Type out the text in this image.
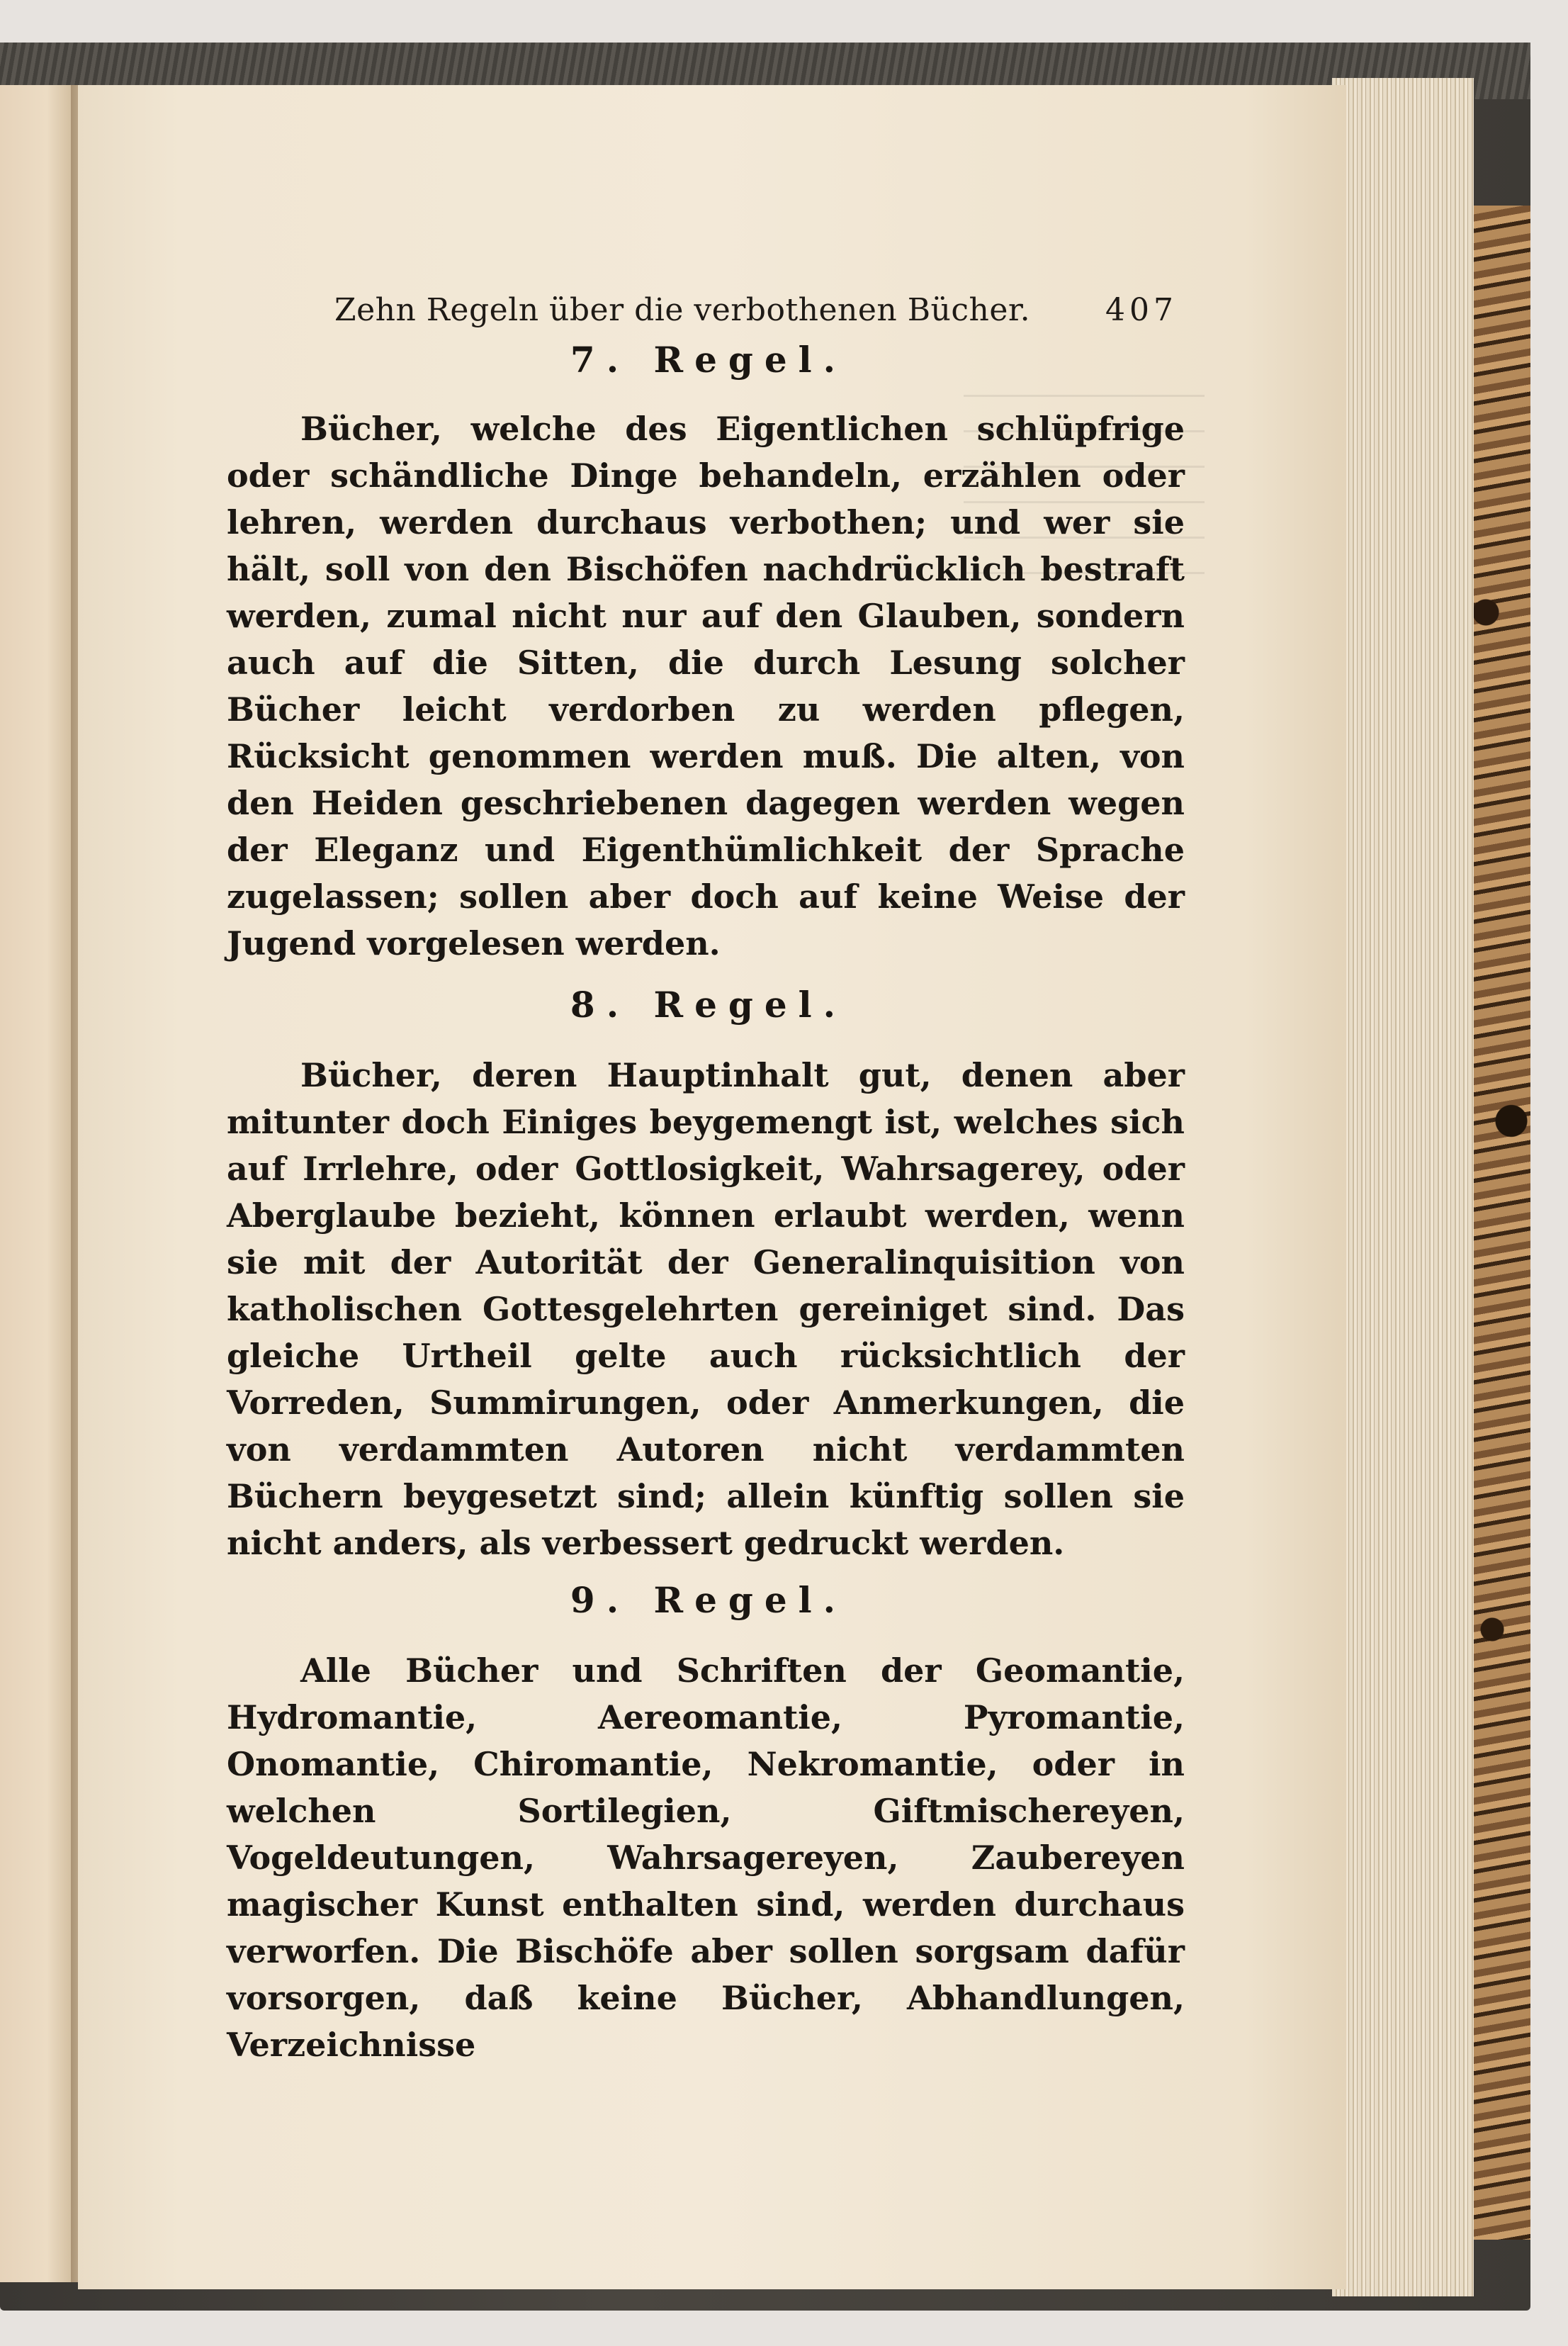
Zehn Regeln über die verbothenen Bücher. 407
7. Regel.

Bücher, welche des Eigentlichen schlüpfrige oder schändliche Dinge behandeln, erzählen oder lehren, werden durchaus verbothen; und wer sie hält, soll von den Bischöfen nachdrücklich bestraft werden, zumal nicht nur auf den Glauben, sondern auch auf die Sitten, die durch Lesung solcher Bücher leicht verdorben zu werden pflegen, Rücksicht genommen werden muß. Die alten, von den Heiden geschriebenen dagegen werden wegen der Eleganz und Eigenthümlichkeit der Sprache zugelassen; sollen aber doch auf keine Weise der Jugend vorgelesen werden.

8. Regel.

Bücher, deren Hauptinhalt gut, denen aber mitunter doch Einiges beygemengt ist, welches sich auf Irrlehre, oder Gottlosigkeit, Wahrsagerey, oder Aberglaube bezieht, können erlaubt werden, wenn sie mit der Autorität der Generalinquisition von katholischen Gottesgelehrten gereiniget sind. Das gleiche Urtheil gelte auch rücksichtlich der Vorreden, Summirungen, oder Anmerkungen, die von verdammten Autoren nicht verdammten Büchern beygesetzt sind; allein künftig sollen sie nicht anders, als verbessert gedruckt werden.

9. Regel.

Alle Bücher und Schriften der Geomantie, Hydromantie, Aereomantie, Pyromantie, Onomantie, Chiromantie, Nekromantie, oder in welchen Sortilegien, Giftmischereyen, Vogeldeutungen, Wahrsagereyen, Zaubereyen magischer Kunst enthalten sind, werden durchaus verworfen. Die Bischöfe aber sollen sorgsam dafür vorsorgen, daß keine Bücher, Abhandlungen, Verzeichnisse
